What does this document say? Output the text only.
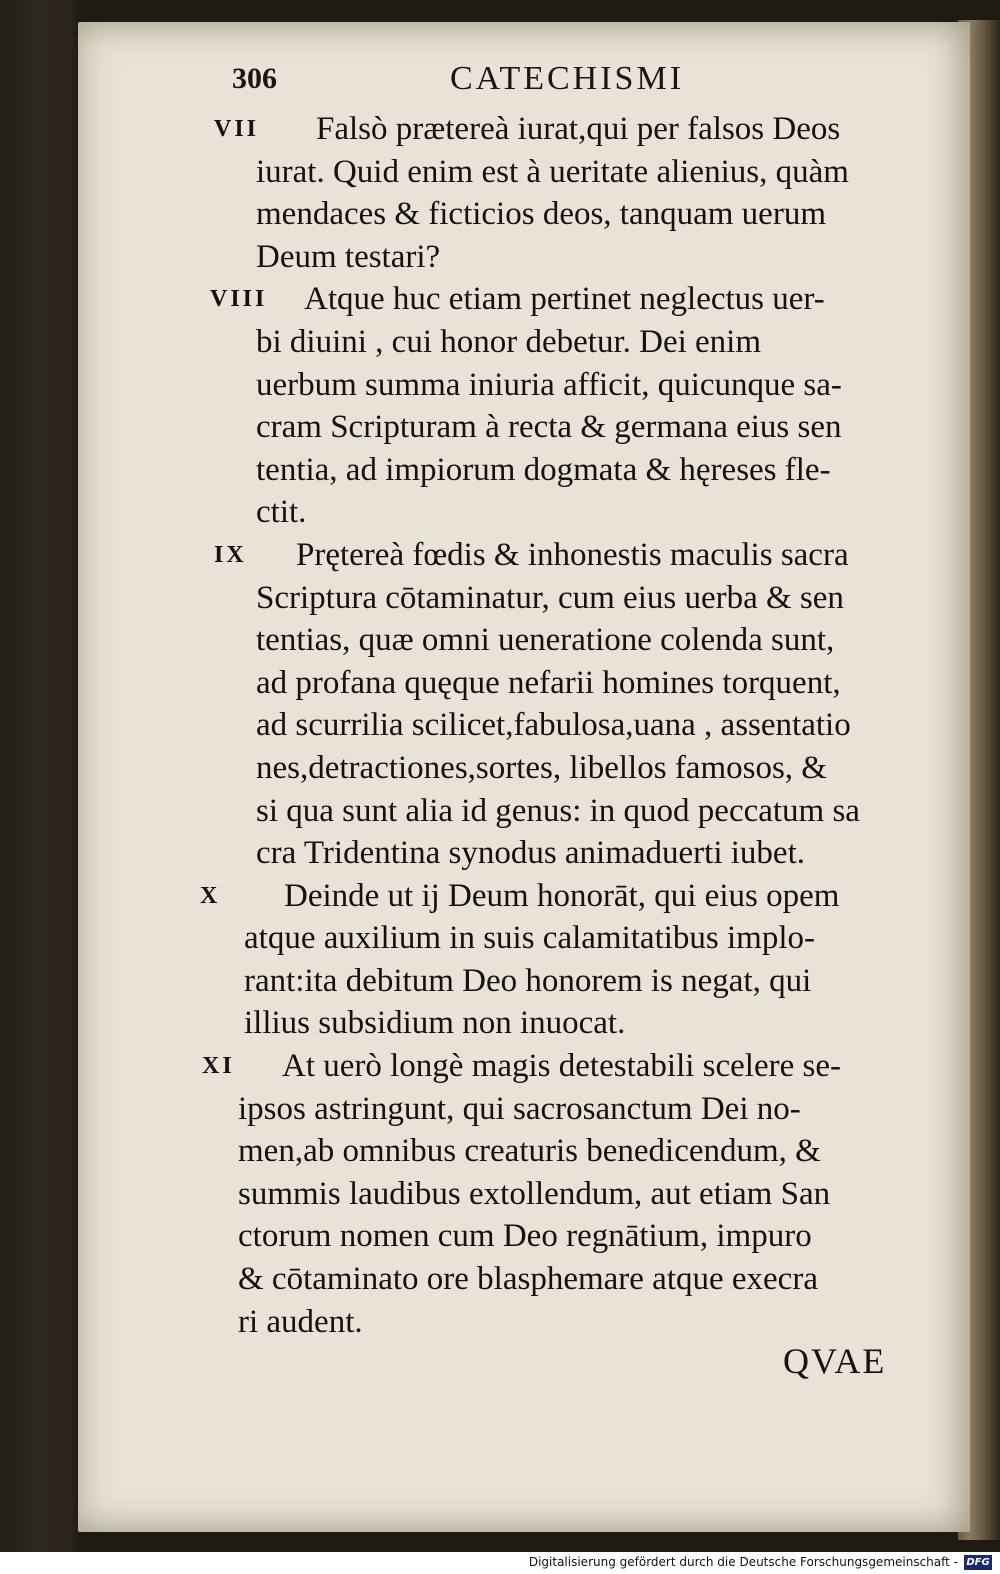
306	CATECHISMI
VII	Falsò prætereà iurat,qui per falsos Deos
iurat. Quid enim est à ueritate alienius, quàm
mendaces & ficticios deos, tanquam uerum
Deum testari?
VIII	Atque huc etiam pertinet neglectus uer-
bi diuini , cui honor debetur. Dei enim
uerbum summa iniuria afficit, quicunque sa-
cram Scripturam à recta & germana eius sen
tentia, ad impiorum dogmata & hęreses fle-
ctit.
IX	Prętereà fœdis & inhonestis maculis sacra
Scriptura cōtaminatur, cum eius uerba & sen
tentias, quæ omni ueneratione colenda sunt,
ad profana quęque nefarii homines torquent,
ad scurrilia scilicet,fabulosa,uana , assentatio
nes,detractiones,sortes, libellos famosos, &
si qua sunt alia id genus: in quod peccatum sa
cra Tridentina synodus animaduerti iubet.
X	Deinde ut ij Deum honorāt, qui eius opem
atque auxilium in suis calamitatibus implo-
rant:ita debitum Deo honorem is negat, qui
illius subsidium non inuocat.
XI	At uerò longè magis detestabili scelere se-
ipsos astringunt, qui sacrosanctum Dei no-
men,ab omnibus creaturis benedicendum, &
summis laudibus extollendum, aut etiam San
ctorum nomen cum Deo regnātium, impuro
& cōtaminato ore blasphemare atque execra
ri audent.
QVAE
Digitalisierung gefördert durch die Deutsche Forschungsgemeinschaft - DFG
